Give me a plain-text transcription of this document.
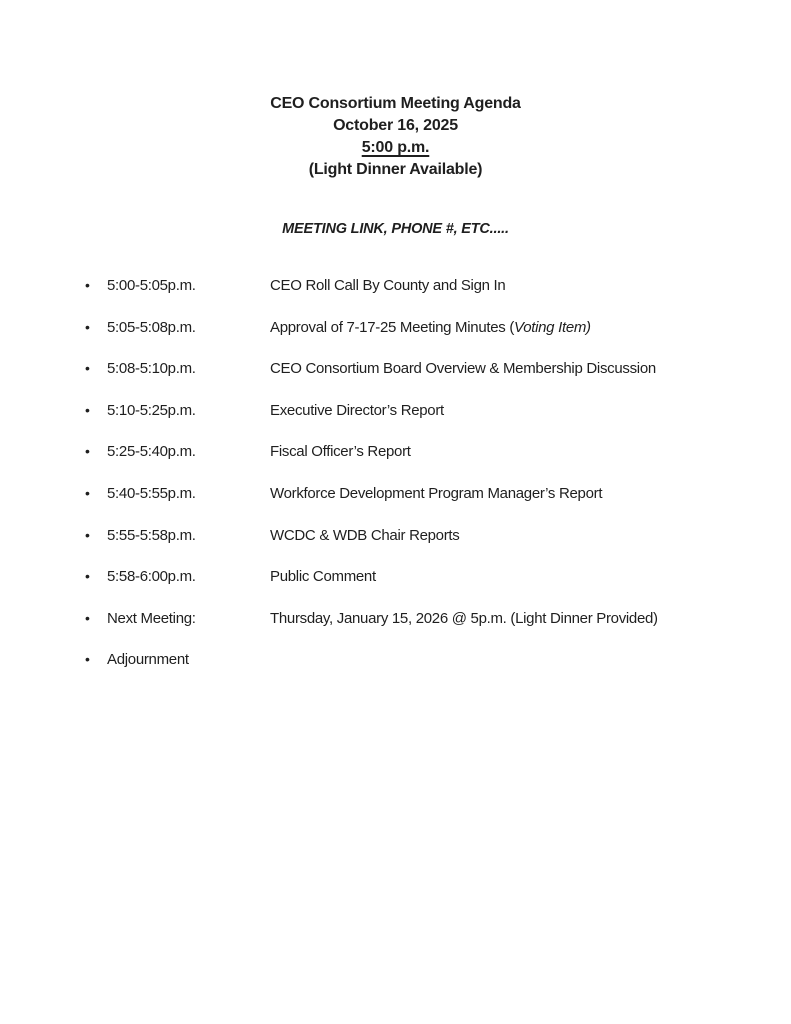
CEO Consortium Meeting Agenda
October 16, 2025
5:00 p.m.
(Light Dinner Available)
MEETING LINK, PHONE #, ETC.....
•	5:00-5:05p.m.	CEO Roll Call By County and Sign In
•	5:05-5:08p.m.	Approval of 7-17-25 Meeting Minutes (Voting Item)
•	5:08-5:10p.m.	CEO Consortium Board Overview & Membership Discussion
•	5:10-5:25p.m.	Executive Director’s Report
•	5:25-5:40p.m.	Fiscal Officer’s Report
•	5:40-5:55p.m.	Workforce Development Program Manager’s Report
•	5:55-5:58p.m.	WCDC & WDB Chair Reports
•	5:58-6:00p.m.	Public Comment
•	Next Meeting:	Thursday, January 15, 2026 @ 5p.m. (Light Dinner Provided)
•	Adjournment
